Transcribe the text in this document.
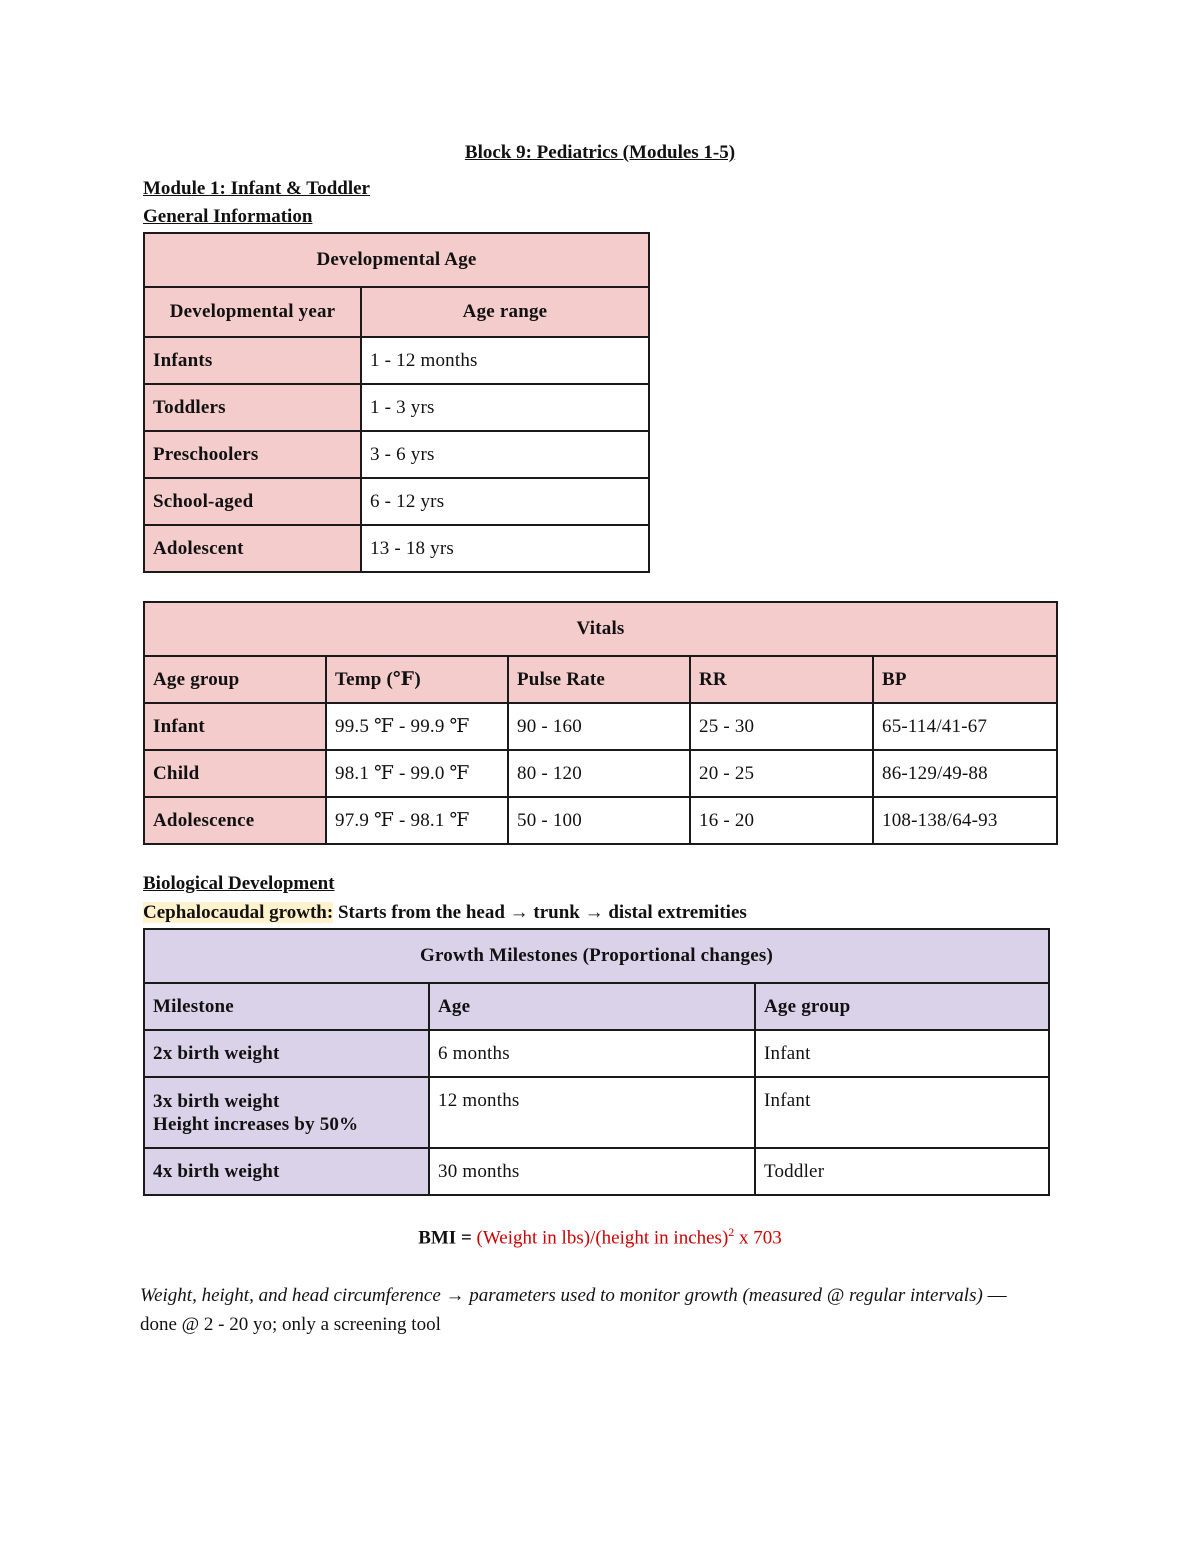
Block 9: Pediatrics (Modules 1-5)
Module 1: Infant & Toddler
General Information
Developmental Age	
Developmental year	Age range
Infants	1 - 12 months
Toddlers	1 - 3 yrs
Preschoolers	3 - 6 yrs
School-aged	6 - 12 yrs
Adolescent	13 - 18 yrs
Vitals				
Age group	Temp (℉)	Pulse Rate	RR	BP
Infant	99.5 ℉ - 99.9 ℉	90 - 160	25 - 30	65-114/41-67
Child	98.1 ℉ - 99.0 ℉	80 - 120	20 - 25	86-129/49-88
Adolescence	97.9 ℉ - 98.1 ℉	50 - 100	16 - 20	108-138/64-93
Biological Development
Cephalocaudal growth: Starts from the head → trunk → distal extremities
Growth Milestones (Proportional changes)		
Milestone	Age	Age group
2x birth weight	6 months	Infant

3x birth weight
Height increases by 50%	12 months	Infant
4x birth weight	30 months	Toddler
BMI = (Weight in lbs)/(height in inches)$^2$ x 703
Weight, height, and head circumference → parameters used to monitor growth (measured @ regular intervals) — done @ 2 - 20 yo; only a screening tool
